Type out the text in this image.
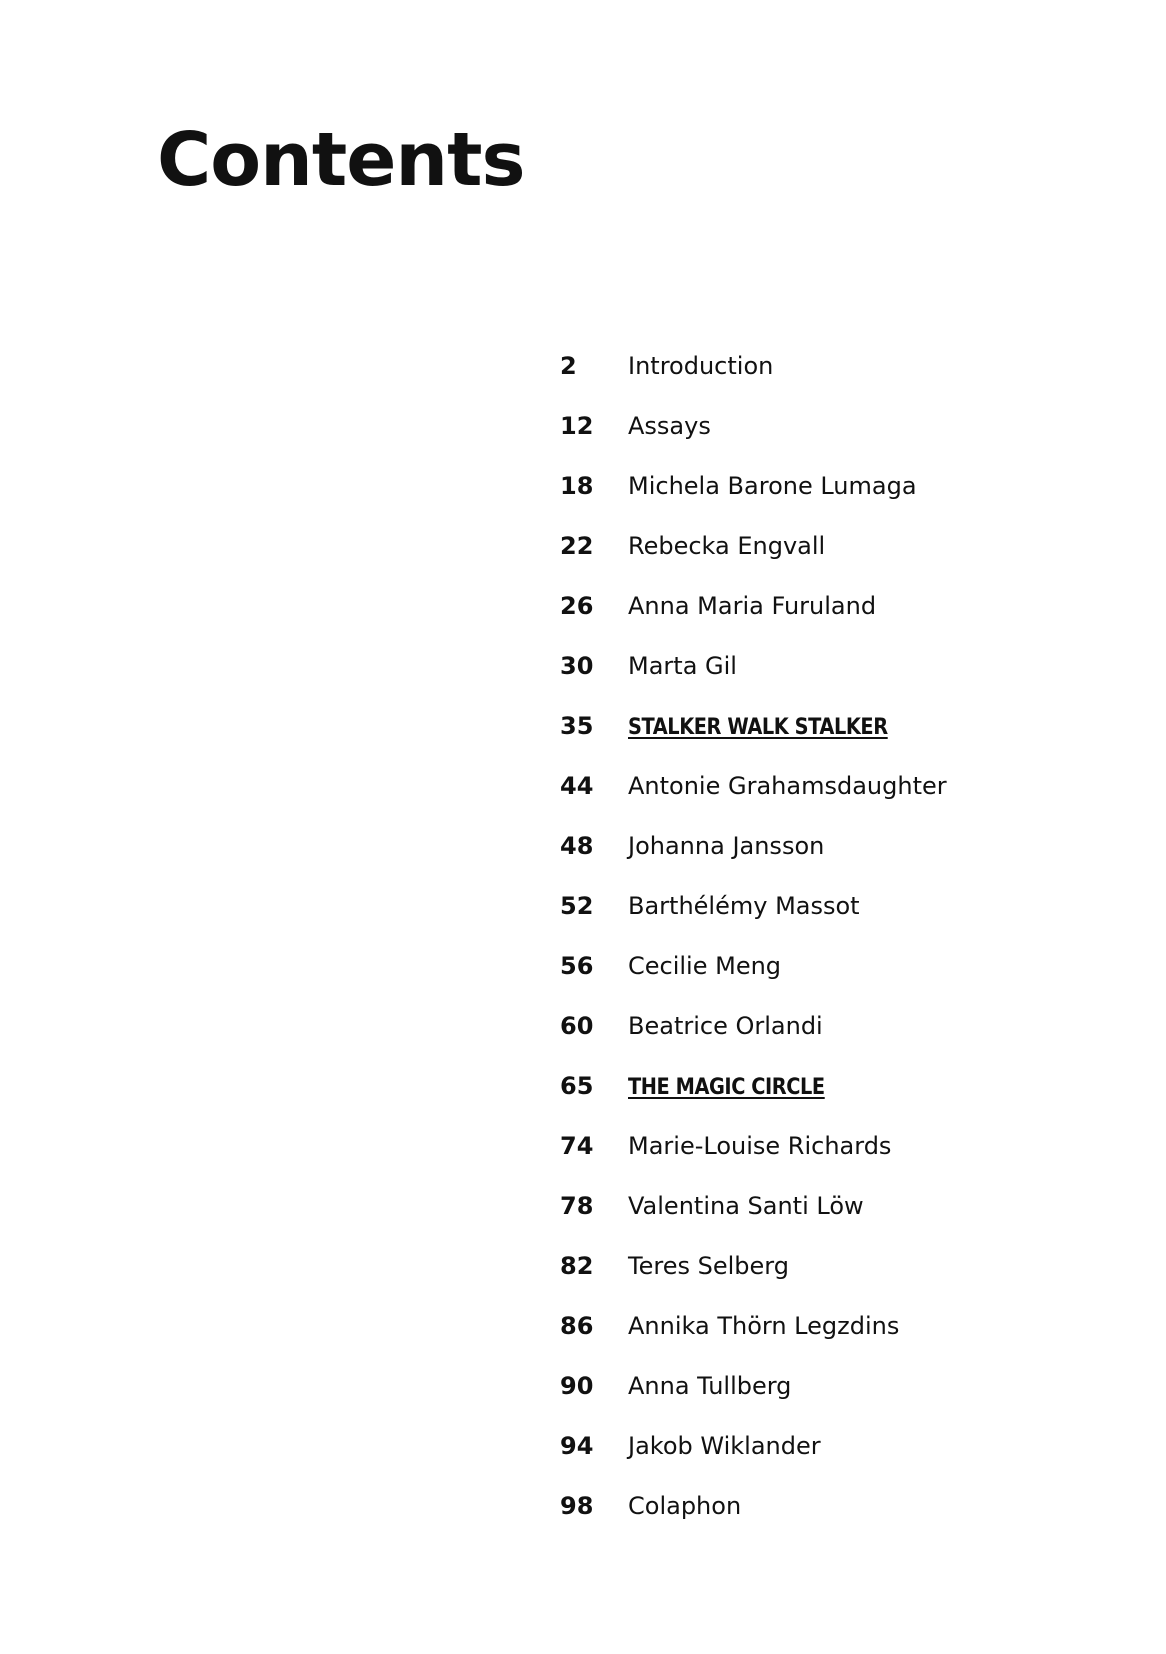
Contents
2	Introduction
12	Assays
18	Michela Barone Lumaga
22	Rebecka Engvall
26	Anna Maria Furuland
30	Marta Gil
35	STALKER WALK STALKER
44	Antonie Grahamsdaughter
48	Johanna Jansson
52	Barthélémy Massot
56	Cecilie Meng
60	Beatrice Orlandi
65	THE MAGIC CIRCLE
74	Marie-Louise Richards
78	Valentina Santi Löw
82	Teres Selberg
86	Annika Thörn Legzdins
90	Anna Tullberg
94	Jakob Wiklander
98	Colaphon
